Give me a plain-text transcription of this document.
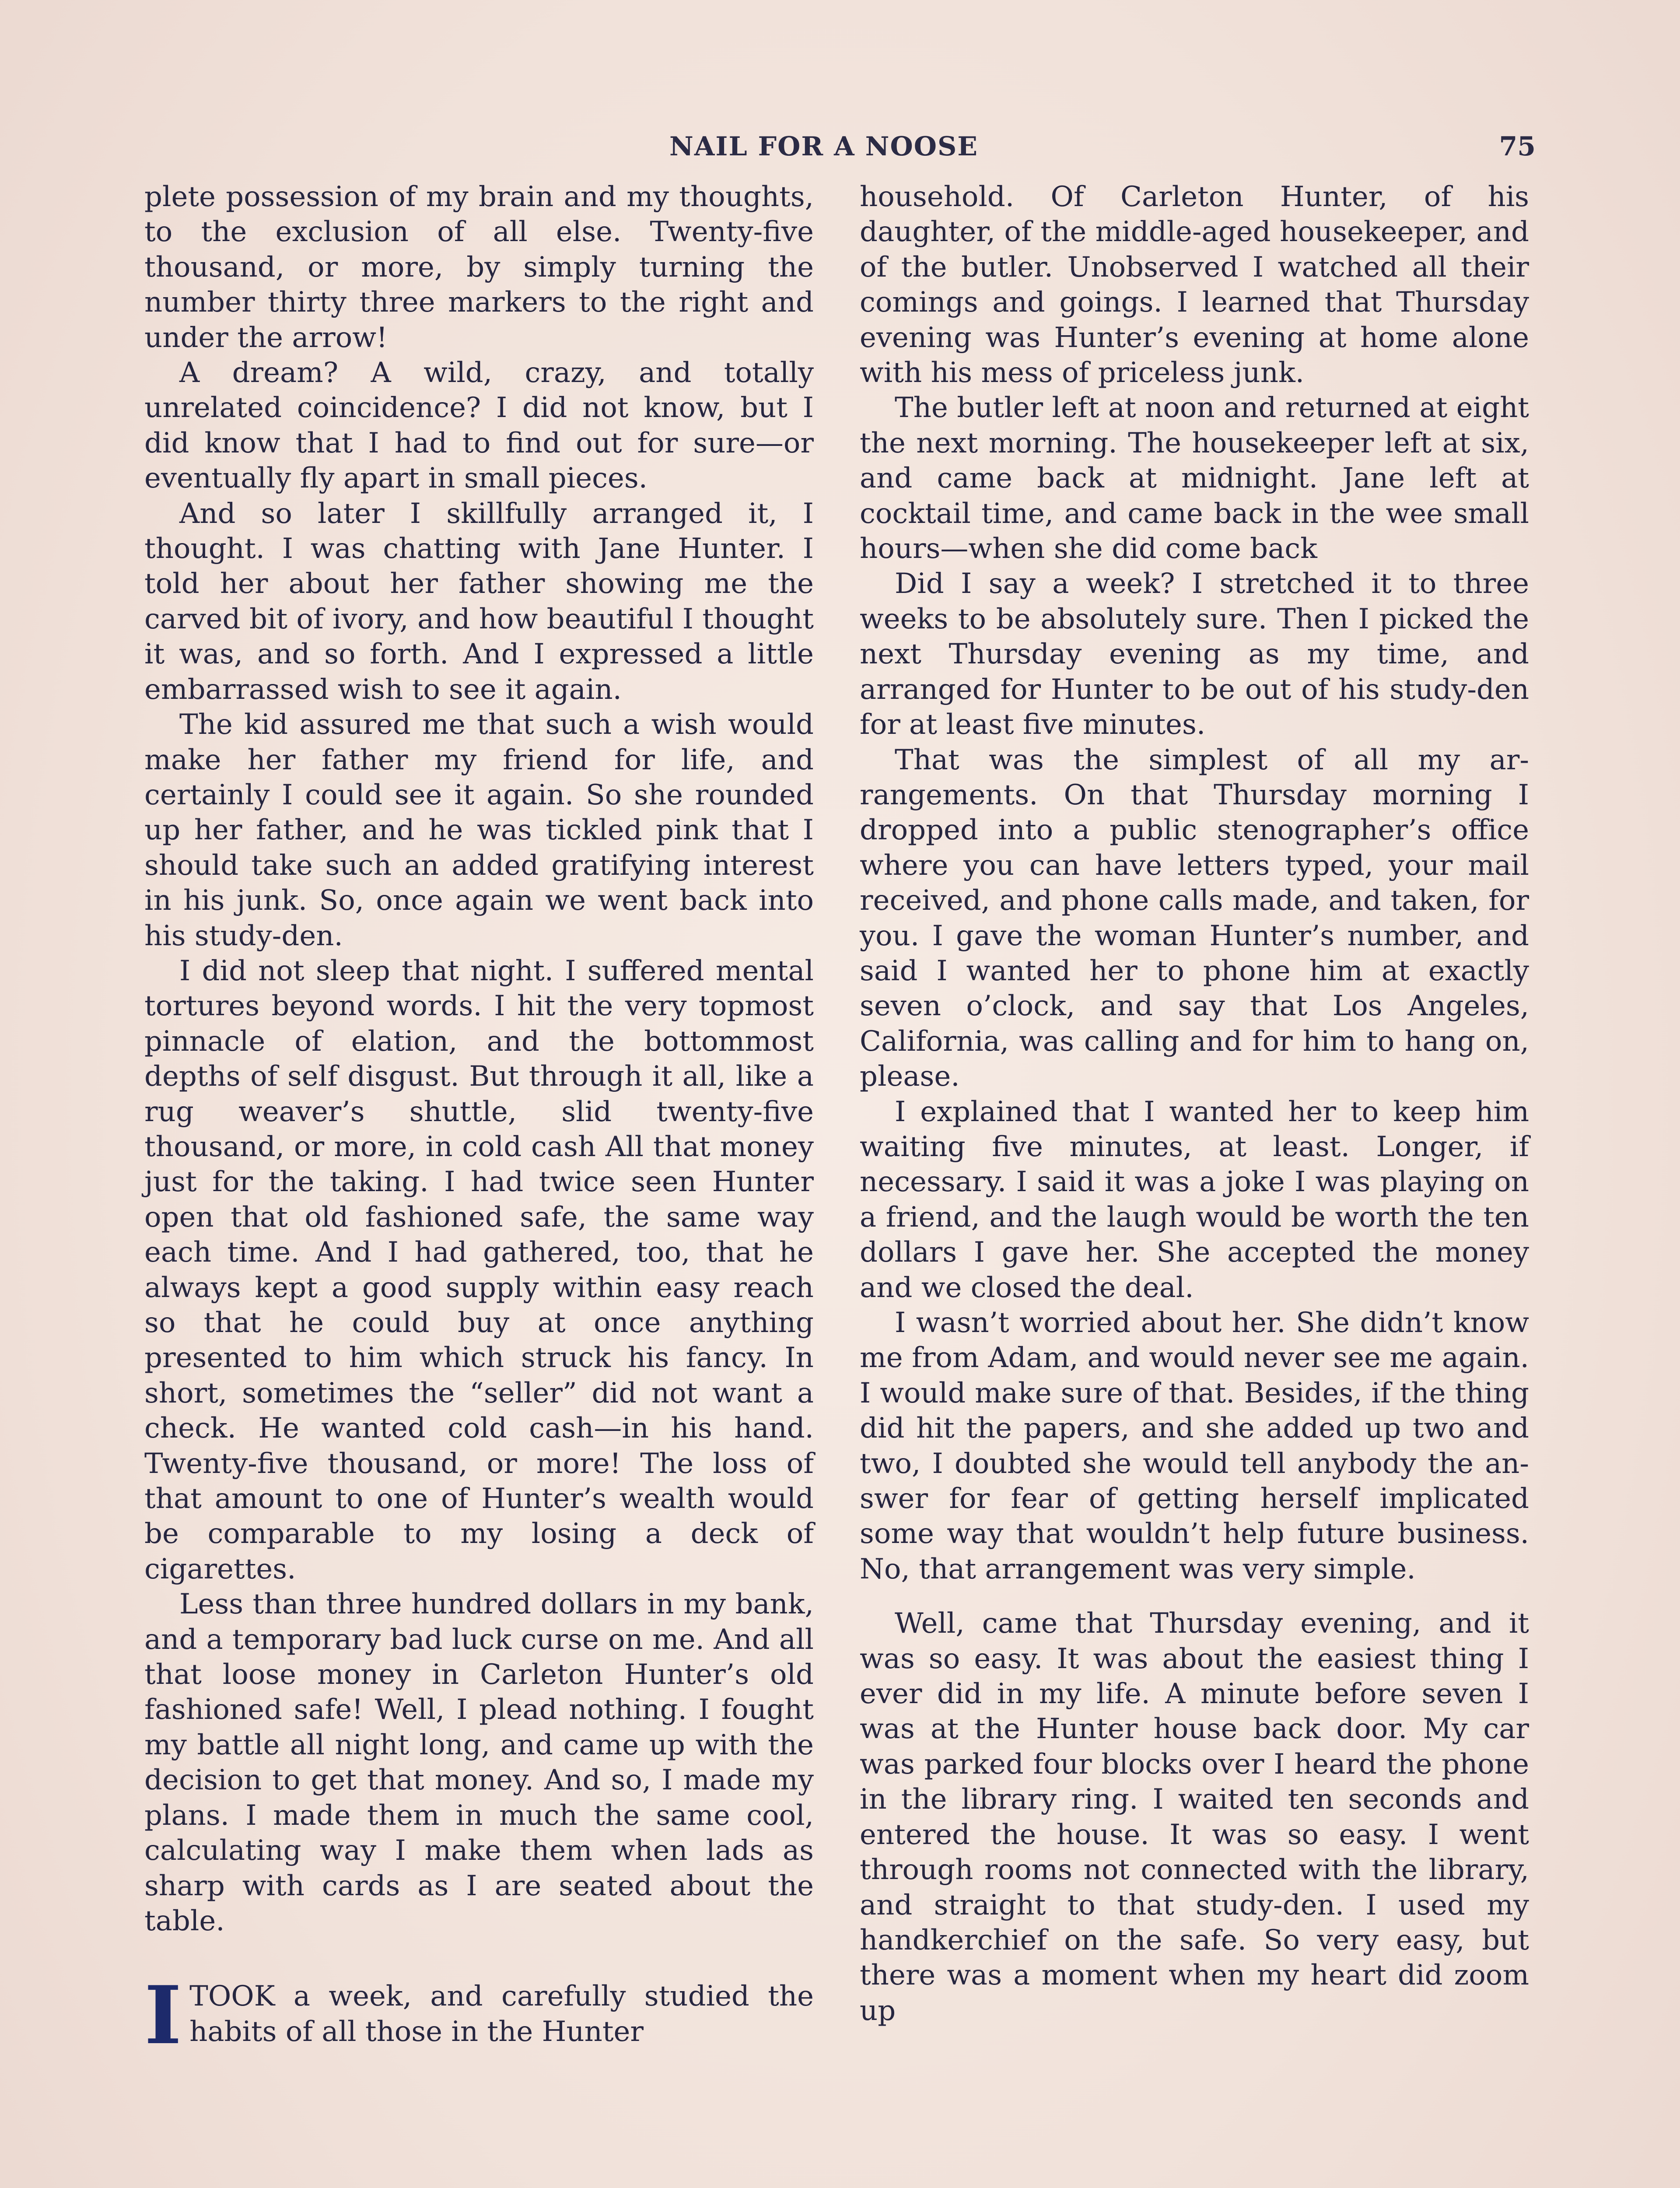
NAIL FOR A NOOSE	75

plete possession of my brain and my thoughts, to the exclusion of all else. Twenty-five thousand, or more, by simply turning the number thirty three markers to the right and under the arrow!

A dream? A wild, crazy, and totally unrelated coincidence? I did not know, but I did know that I had to find out for sure—or eventually fly apart in small pieces.

And so later I skillfully arranged it, I thought. I was chatting with Jane Hunter. I told her about her father showing me the carved bit of ivory, and how beautiful I thought it was, and so forth. And I expressed a little embarrassed wish to see it again.

The kid assured me that such a wish would make her father my friend for life, and certainly I could see it again. So she rounded up her father, and he was tickled pink that I should take such an added gratifying interest in his junk. So, once again we went back into his study-den.

I did not sleep that night. I suffered mental tortures beyond words. I hit the very topmost pinnacle of elation, and the bottommost depths of self disgust. But through it all, like a rug weaver’s shuttle, slid twenty-five thousand, or more, in cold cash All that money just for the taking. I had twice seen Hunter open that old fashioned safe, the same way each time. And I had gathered, too, that he always kept a good supply within easy reach so that he could buy at once anything presented to him which struck his fancy. In short, sometimes the “seller” did not want a check. He wanted cold cash—in his hand. Twenty-five thousand, or more! The loss of that amount to one of Hunter’s wealth would be comparable to my losing a deck of cigarettes.

Less than three hundred dollars in my bank, and a temporary bad luck curse on me. And all that loose money in Carleton Hunter’s old fashioned safe! Well, I plead nothing. I fought my battle all night long, and came up with the decision to get that money. And so, I made my plans. I made them in much the same cool, calculating way I make them when lads as sharp with cards as I are seated about the table.

ITOOK a week, and carefully studied the habits of all those in the Hunter

household. Of Carleton Hunter, of his daughter, of the middle-aged housekeeper, and of the butler. Unobserved I watched all their comings and goings. I learned that Thursday evening was Hunter’s evening at home alone with his mess of priceless junk.

The butler left at noon and returned at eight the next morning. The housekeeper left at six, and came back at midnight. Jane left at cocktail time, and came back in the wee small hours—when she did come back

Did I say a week? I stretched it to three weeks to be absolutely sure. Then I picked the next Thursday evening as my time, and arranged for Hunter to be out of his study-den for at least five minutes.

That was the simplest of all my arrangements. On that Thursday morning I dropped into a public stenographer’s office where you can have letters typed, your mail received, and phone calls made, and taken, for you. I gave the woman Hunter’s number, and said I wanted her to phone him at exactly seven o’clock, and say that Los Angeles, California, was calling and for him to hang on, please.

I explained that I wanted her to keep him waiting five minutes, at least. Longer, if necessary. I said it was a joke I was playing on a friend, and the laugh would be worth the ten dollars I gave her. She accepted the money and we closed the deal.

I wasn’t worried about her. She didn’t know me from Adam, and would never see me again. I would make sure of that. Besides, if the thing did hit the papers, and she added up two and two, I doubted she would tell anybody the answer for fear of getting herself implicated some way that wouldn’t help future business. No, that arrangement was very simple.

Well, came that Thursday evening, and it was so easy. It was about the easiest thing I ever did in my life. A minute before seven I was at the Hunter house back door. My car was parked four blocks over I heard the phone in the library ring. I waited ten seconds and entered the house. It was so easy. I went through rooms not connected with the library, and straight to that study-den. I used my handkerchief on the safe. So very easy, but there was a moment when my heart did zoom up
